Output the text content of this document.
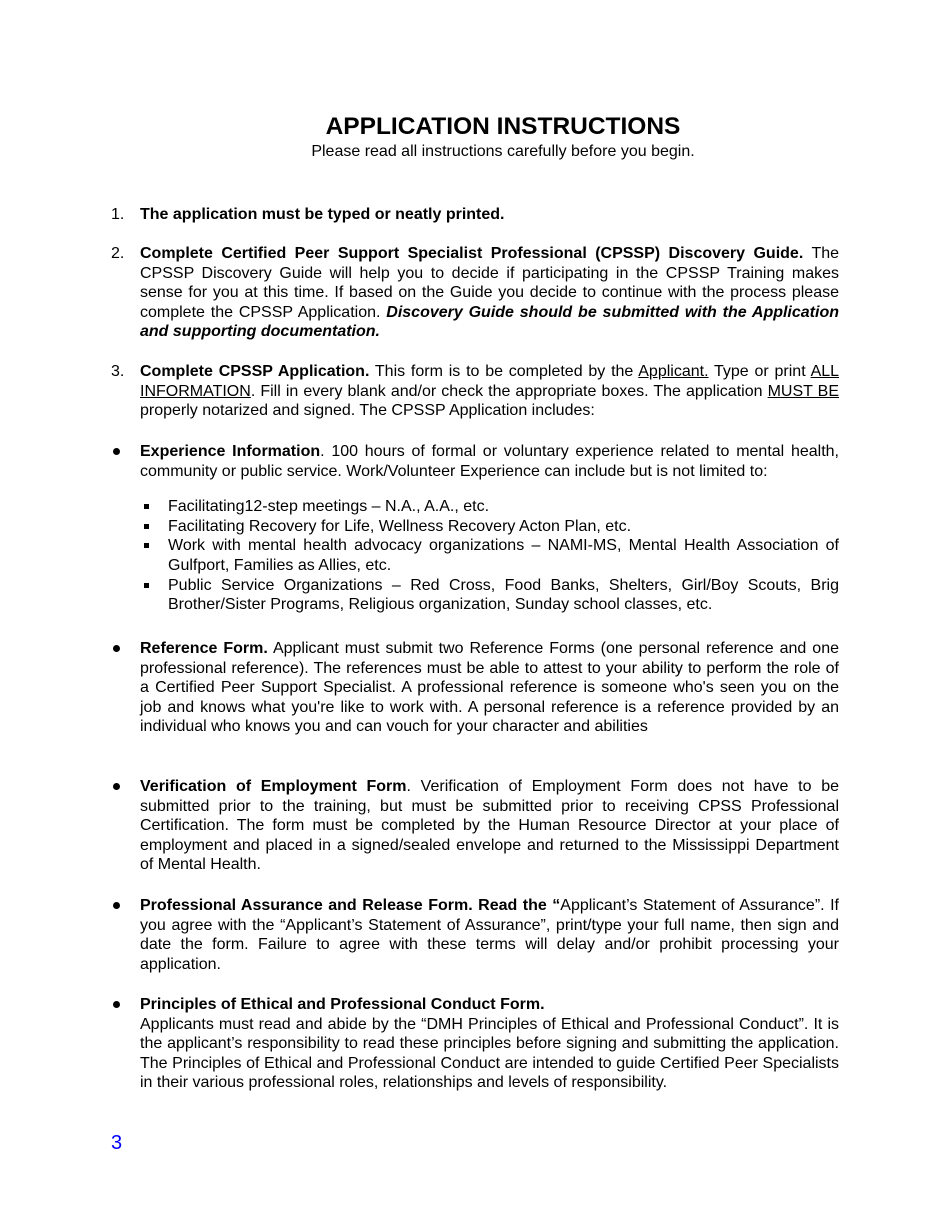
APPLICATION INSTRUCTIONS
Please read all instructions carefully before you begin.
1. The application must be typed or neatly printed.
2. Complete Certified Peer Support Specialist Professional (CPSSP) Discovery Guide. The CPSSP Discovery Guide will help you to decide if participating in the CPSSP Training makes sense for you at this time. If based on the Guide you decide to continue with the process please complete the CPSSP Application. Discovery Guide should be submitted with the Application and supporting documentation.
3. Complete CPSSP Application. This form is to be completed by the Applicant. Type or print ALL INFORMATION. Fill in every blank and/or check the appropriate boxes. The application MUST BE properly notarized and signed. The CPSSP Application includes:
Experience Information. 100 hours of formal or voluntary experience related to mental health, community or public service. Work/Volunteer Experience can include but is not limited to:
Facilitating12-step meetings – N.A., A.A., etc.
Facilitating Recovery for Life, Wellness Recovery Acton Plan, etc.
Work with mental health advocacy organizations – NAMI-MS, Mental Health Association of Gulfport, Families as Allies, etc.
Public Service Organizations – Red Cross, Food Banks, Shelters, Girl/Boy Scouts, Brig Brother/Sister Programs, Religious organization, Sunday school classes, etc.
Reference Form. Applicant must submit two Reference Forms (one personal reference and one professional reference). The references must be able to attest to your ability to perform the role of a Certified Peer Support Specialist. A professional reference is someone who's seen you on the job and knows what you're like to work with. A personal reference is a reference provided by an individual who knows you and can vouch for your character and abilities
Verification of Employment Form. Verification of Employment Form does not have to be submitted prior to the training, but must be submitted prior to receiving CPSS Professional Certification. The form must be completed by the Human Resource Director at your place of employment and placed in a signed/sealed envelope and returned to the Mississippi Department of Mental Health.
Professional Assurance and Release Form. Read the “Applicant’s Statement of Assurance”. If you agree with the “Applicant’s Statement of Assurance”, print/type your full name, then sign and date the form. Failure to agree with these terms will delay and/or prohibit processing your application.
Principles of Ethical and Professional Conduct Form.
Applicants must read and abide by the “DMH Principles of Ethical and Professional Conduct”. It is the applicant’s responsibility to read these principles before signing and submitting the application. The Principles of Ethical and Professional Conduct are intended to guide Certified Peer Specialists in their various professional roles, relationships and levels of responsibility.
3
